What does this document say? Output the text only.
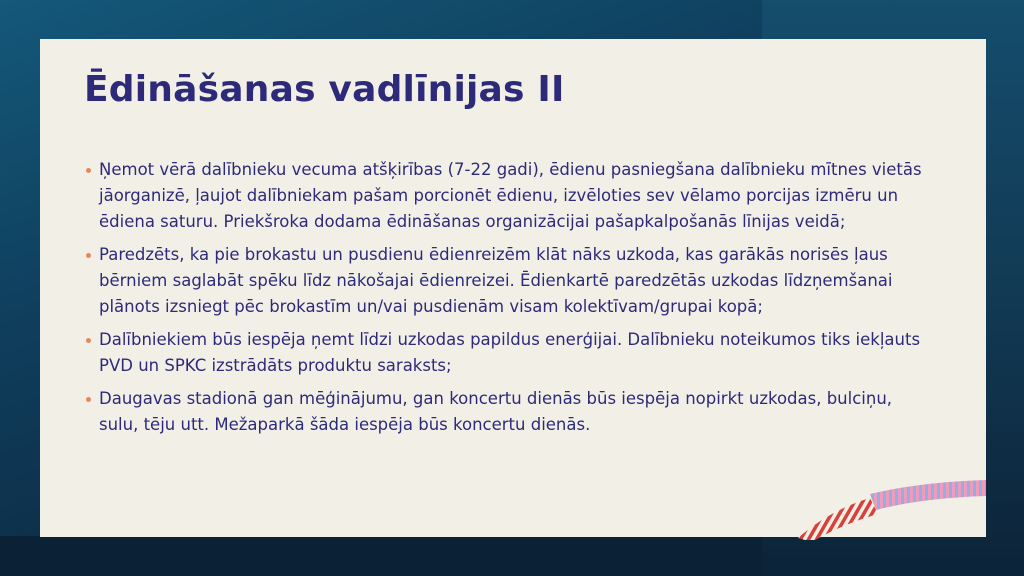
Ēdināšanas vadlīnijas II
Ņemot vērā dalībnieku vecuma atšķirības (7-22 gadi), ēdienu pasniegšana dalībnieku mītnes vietās jāorganizē, ļaujot dalībniekam pašam porcionēt ēdienu, izvēloties sev vēlamo porcijas izmēru un ēdiena saturu. Priekšroka dodama ēdināšanas organizācijai pašapkalpošanās līnijas veidā;
Paredzēts, ka pie brokastu un pusdienu ēdienreizēm klāt nāks uzkoda, kas garākās norisēs ļaus bērniem saglabāt spēku līdz nākošajai ēdienreizei. Ēdienkartē paredzētās uzkodas līdzņemšanai plānots izsniegt pēc brokastīm un/vai pusdienām visam kolektīvam/grupai kopā;
Dalībniekiem būs iespēja ņemt līdzi uzkodas papildus enerģijai. Dalībnieku noteikumos tiks iekļauts PVD un SPKC izstrādāts produktu saraksts;
Daugavas stadionā gan mēģinājumu, gan koncertu dienās būs iespēja nopirkt uzkodas, bulciņu, sulu, tēju utt. Mežaparkā šāda iespēja būs koncertu dienās.
